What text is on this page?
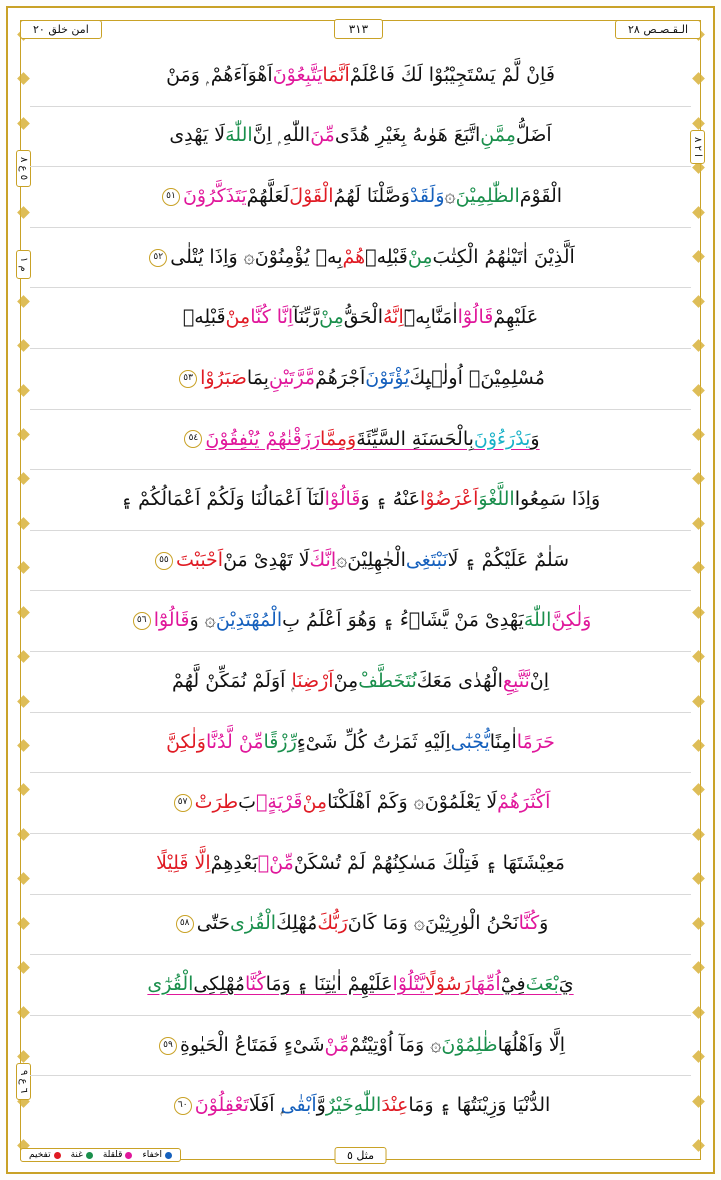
امن خلق ٢٠	٣١٣	الـقـصـص ٢٨
٥ ع ٨
م ١
ا ٢ ٨
٦ ع ٩
فَاِنْ لَّمْ يَسْتَجِيْبُوْا لَكَ فَاعْلَمْ
اَنَّمَا
يَتَّبِعُوْنَ
اَهْوَآءَهُمْ ۭ وَمَنْ
اَضَلُّ
مِمَّنِ
اتَّبَعَ هَوٰىهُ بِغَيْرِ هُدًى
مِّنَ
اللّٰهِ ۭ اِنَّ
اللّٰهَ
لَا يَهْدِى
الْقَوْمَ
الظّٰلِمِيْنَ
۞
وَلَقَدْ
وَصَّلْنَا لَهُمُ
الْقَوْلَ
لَعَلَّهُمْ
يَتَذَكَّرُوْنَ
٥١
اَلَّذِيْنَ اٰتَيْنٰهُمُ الْكِتٰبَ
مِنْ
قَبْلِهٖ
هُمْ
بِهٖ يُؤْمِنُوْنَ
۞ وَاِذَا يُتْلٰى
٥٢
عَلَيْهِمْ
قَالُوْٓا
اٰمَنَّا
بِهٖٓ
اِنَّهُ
الْحَقُّ
مِنْ
رَّبِّنَآ
اِنَّا كُنَّا
مِنْ
قَبْلِهٖ
مُسْلِمِيْنَ
۞ اُولٰۗىِٕكَ
يُؤْتَوْنَ
اَجْرَهُمْ
مَّرَّتَيْنِ
بِمَا
صَبَرُوْا
٥٣
وَ
يَدْرَءُوْنَ
بِالْحَسَنَةِ السَّيِّئَةَ
وَمِمَّا
رَزَقْنٰهُمْ يُنْفِقُوْنَ
٥٤
وَاِذَا سَمِعُوا
اللَّغْوَ
اَعْرَضُوْا
عَنْهُ ۽ وَ
قَالُوْا
لَنَآ اَعْمَالُنَا وَلَكُمْ اَعْمَالُكُمْ ۽
سَلٰمٌ عَلَيْكُمْ ۽ لَا
نَبْتَغِى
الْجٰهِلِيْنَ
۞
اِنَّكَ
لَا تَهْدِىْ مَنْ
اَحْبَبْتَ
٥٥
وَلٰكِنَّ
اللّٰهَ
يَهْدِىْ مَنْ يَّشَاۗءُ ۽ وَهُوَ اَعْلَمُ بِ
الْمُهْتَدِيْنَ
۞ وَ
قَالُوْٓا
٥٦
اِنْ
نَّتَّبِعِ
الْهُدٰى مَعَكَ
نُتَخَطَّفْ
مِنْ
اَرْضِنَا
ۭ اَوَلَمْ نُمَكِّنْ لَّهُمْ
حَرَمًا
اٰمِنًا
يُّجْبٰٓى
اِلَيْهِ ثَمَرٰتُ كُلِّ شَىْءٍ
رِّزْقًا
مِّنْ لَّدُنَّا
وَلٰكِنَّ
اَكْثَرَهُمْ
لَا يَعْلَمُوْنَ
۞ وَكَمْ اَهْلَكْنَا
مِنْ
قَرْيَةٍۢ
بَ
طِرَتْ
٥٧
مَعِيْشَتَهَا ۽ فَتِلْكَ مَسٰكِنُهُمْ لَمْ تُسْكَنْ
مِّنْۢ
بَعْدِهِمْ
اِلَّا قَلِيْلًا
وَ
كُنَّا
نَحْنُ الْوٰرِثِيْنَ
۞ وَمَا كَانَ
رَبُّكَ
مُهْلِكَ
الْقُرٰى
حَتّٰى
٥٨
يَ
بْعَثَ
فِيْٓ
اُمِّهَا
رَسُوْلًا
يَّتْلُوْا
عَلَيْهِمْ اٰيٰتِنَا ۽ وَمَا
كُنَّا
مُهْلِكِى
الْقُرٰٓى
اِلَّا وَاَهْلُهَا
ظٰلِمُوْنَ
۞ وَمَآ اُوْتِيْتُمْ
مِّنْ
شَىْءٍ فَمَتَاعُ الْحَيٰوةِ
٥٩
الدُّنْيَا وَزِيْنَتُهَا ۽ وَمَا
عِنْدَ
اللّٰهِ
خَيْرٌ
وَّ
اَبْقٰى
ۭ اَفَلَا
تَعْقِلُوْنَ
٦٠
اخفاء
قلقلة
غنة
تفخيم	مثل ٥
